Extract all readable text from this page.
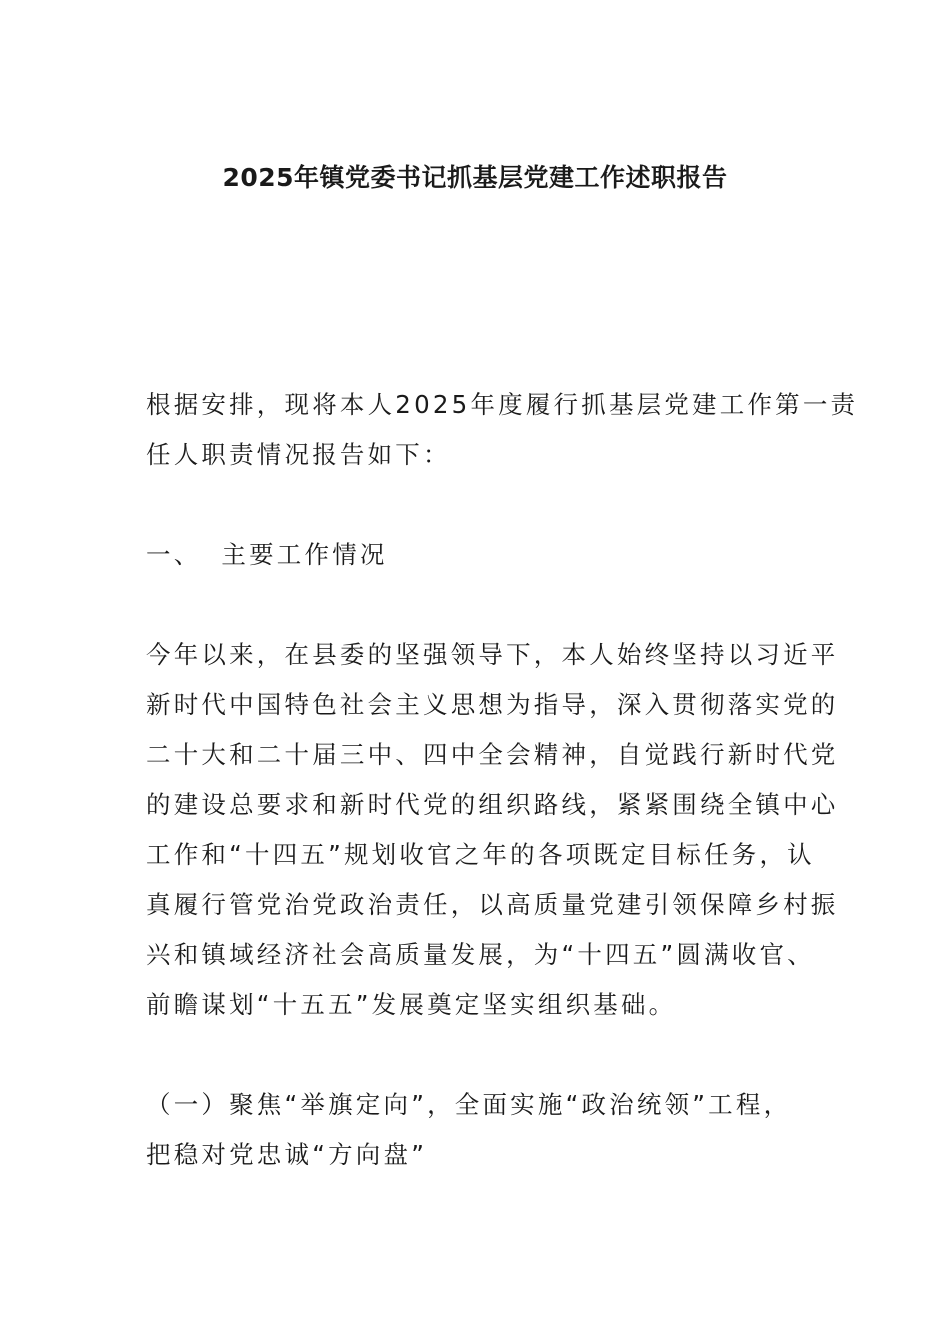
2025年镇党委书记抓基层党建工作述职报告
根据安排，现将本人2025年度履行抓基层党建工作第一责
任人职责情况报告如下：
一、 主要工作情况
今年以来，在县委的坚强领导下，本人始终坚持以习近平
新时代中国特色社会主义思想为指导，深入贯彻落实党的
二十大和二十届三中、四中全会精神，自觉践行新时代党
的建设总要求和新时代党的组织路线，紧紧围绕全镇中心
工作和“十四五”规划收官之年的各项既定目标任务，认
真履行管党治党政治责任，以高质量党建引领保障乡村振
兴和镇域经济社会高质量发展，为“十四五”圆满收官、
前瞻谋划“十五五”发展奠定坚实组织基础。
（一）聚焦“举旗定向”，全面实施“政治统领”工程，
把稳对党忠诚“方向盘”
